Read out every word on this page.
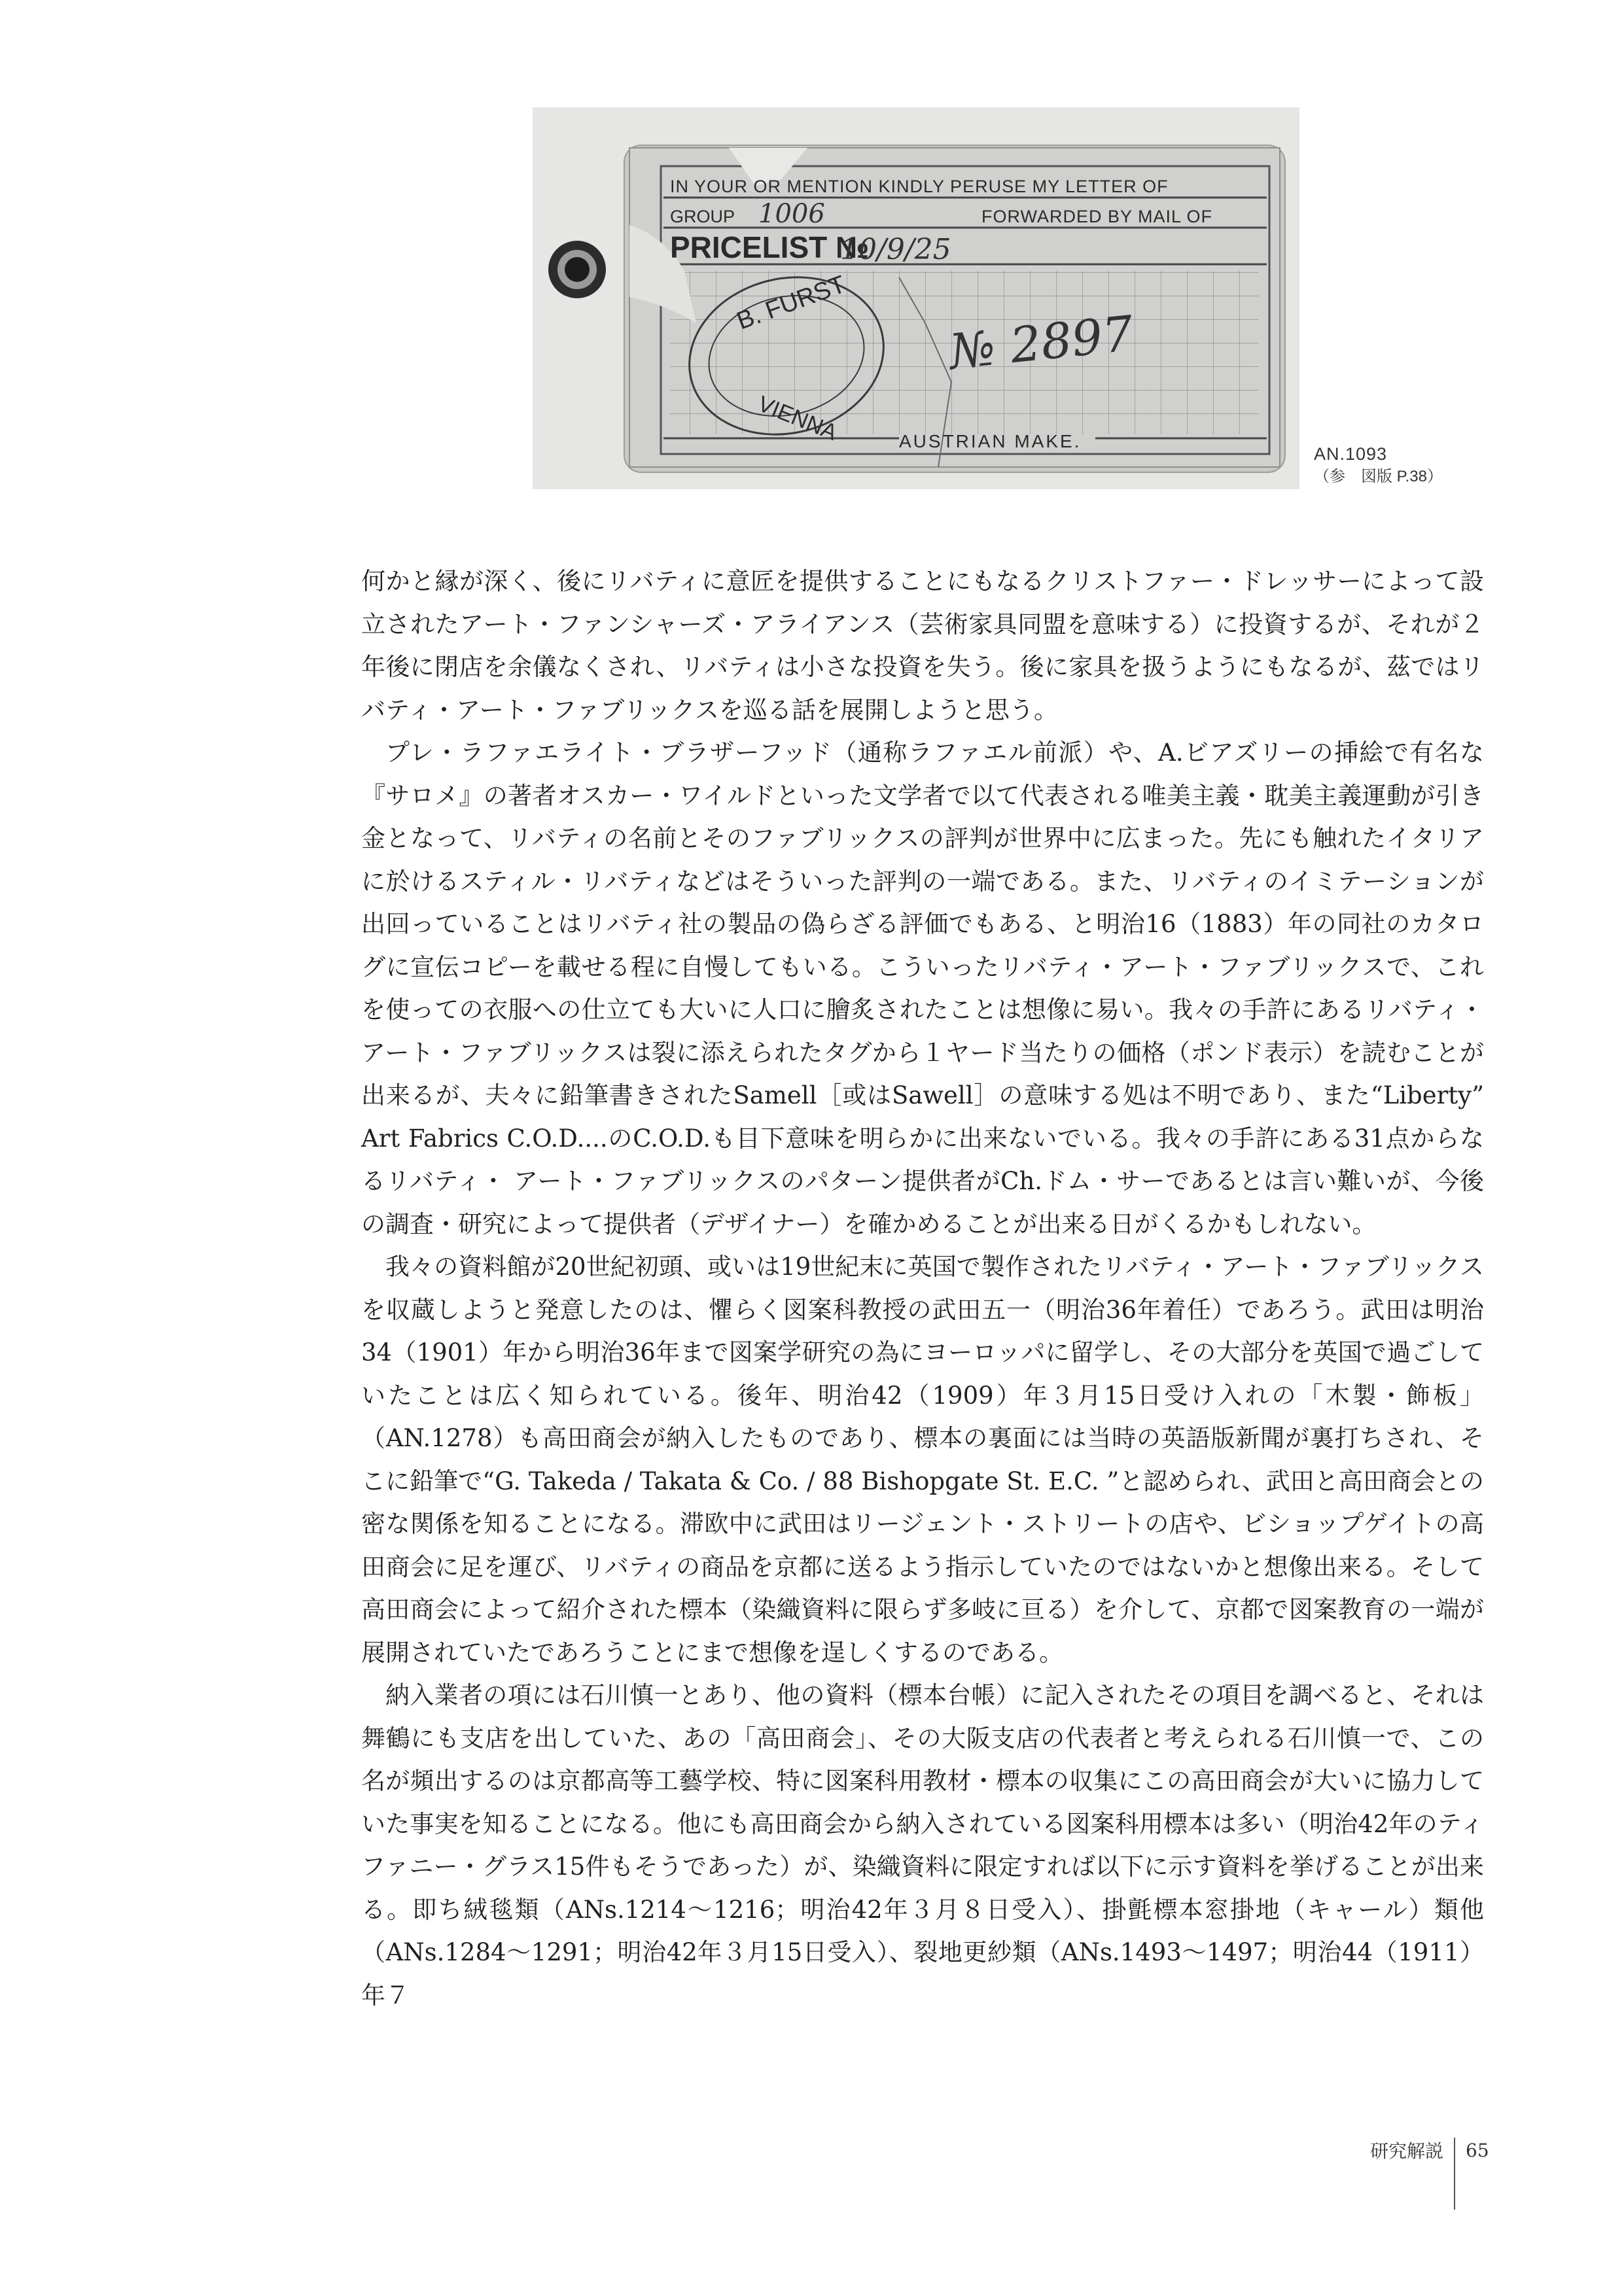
IN YOUR OR MENTION KINDLY PERUSE MY LETTER OF
GROUP	FORWARDED BY MAIL OF
PRICELIST №
AUSTRIAN MAKE.
B. FURST
VIENNA
1006
10/9/25
№ 2897
AN.1093
（参　図版 P.38）

何かと縁が深く、後にリバティに意匠を提供することにもなるクリストファー・ドレッサーによって設立されたアート・ファンシャーズ・アライアンス（芸術家具同盟を意味する）に投資するが、それが２年後に閉店を余儀なくされ、リバティは小さな投資を失う。後に家具を扱うようにもなるが、茲ではリバティ・アート・ファブリックスを巡る話を展開しようと思う。

プレ・ラファエライト・ブラザーフッド（通称ラファエル前派）や、A.ビアズリーの挿絵で有名な『サロメ』の著者オスカー・ワイルドといった文学者で以て代表される唯美主義・耽美主義運動が引き金となって、リバティの名前とそのファブリックスの評判が世界中に広まった。先にも触れたイタリアに於けるスティル・リバティなどはそういった評判の一端である。また、リバティのイミテーションが出回っていることはリバティ社の製品の偽らざる評価でもある、と明治16（1883）年の同社のカタログに宣伝コピーを載せる程に自慢してもいる。こういったリバティ・アート・ファブリックスで、これを使っての衣服への仕立ても大いに人口に膾炙されたことは想像に易い。我々の手許にあるリバティ・アート・ファブリックスは裂に添えられたタグから１ヤード当たりの価格（ポンド表示）を読むことが出来るが、夫々に鉛筆書きされたSamell［或はSawell］の意味する処は不明であり、また“Liberty” Art Fabrics C.O.D....のC.O.D.も目下意味を明らかに出来ないでいる。我々の手許にある31点からなるリバティ・ アート・ファブリックスのパターン提供者がCh.ドム・サーであるとは言い難いが、今後の調査・研究によって提供者（デザイナー）を確かめることが出来る日がくるかもしれない。

我々の資料館が20世紀初頭、或いは19世紀末に英国で製作されたリバティ・アート・ファブリックスを収蔵しようと発意したのは、懼らく図案科教授の武田五一（明治36年着任）であろう。武田は明治34（1901）年から明治36年まで図案学研究の為にヨーロッパに留学し、その大部分を英国で過ごしていたことは広く知られている。後年、明治42（1909）年３月15日受け入れの「木製・飾板」（AN.1278）も高田商会が納入したものであり、標本の裏面には当時の英語版新聞が裏打ちされ、そこに鉛筆で“G. Takeda / Takata & Co. / 88 Bishopgate St. E.C. ”と認められ、武田と高田商会との密な関係を知ることになる。滞欧中に武田はリージェント・ストリートの店や、ビショップゲイトの高田商会に足を運び、リバティの商品を京都に送るよう指示していたのではないかと想像出来る。そして高田商会によって紹介された標本（染織資料に限らず多岐に亘る）を介して、京都で図案教育の一端が展開されていたであろうことにまで想像を逞しくするのである。

納入業者の項には石川慎一とあり、他の資料（標本台帳）に記入されたその項目を調べると、それは舞鶴にも支店を出していた、あの「高田商会」、その大阪支店の代表者と考えられる石川慎一で、この名が頻出するのは京都高等工藝学校、特に図案科用教材・標本の収集にこの高田商会が大いに協力していた事実を知ることになる。他にも高田商会から納入されている図案科用標本は多い（明治42年のティファニー・グラス15件もそうであった）が、染織資料に限定すれば以下に示す資料を挙げることが出来る。即ち絨毯類（ANs.1214〜1216；明治42年３月８日受入）、掛氈標本窓掛地（キャール）類他（ANs.1284〜1291；明治42年３月15日受入）、裂地更紗類（ANs.1493〜1497；明治44（1911）年７

研究解説 65
